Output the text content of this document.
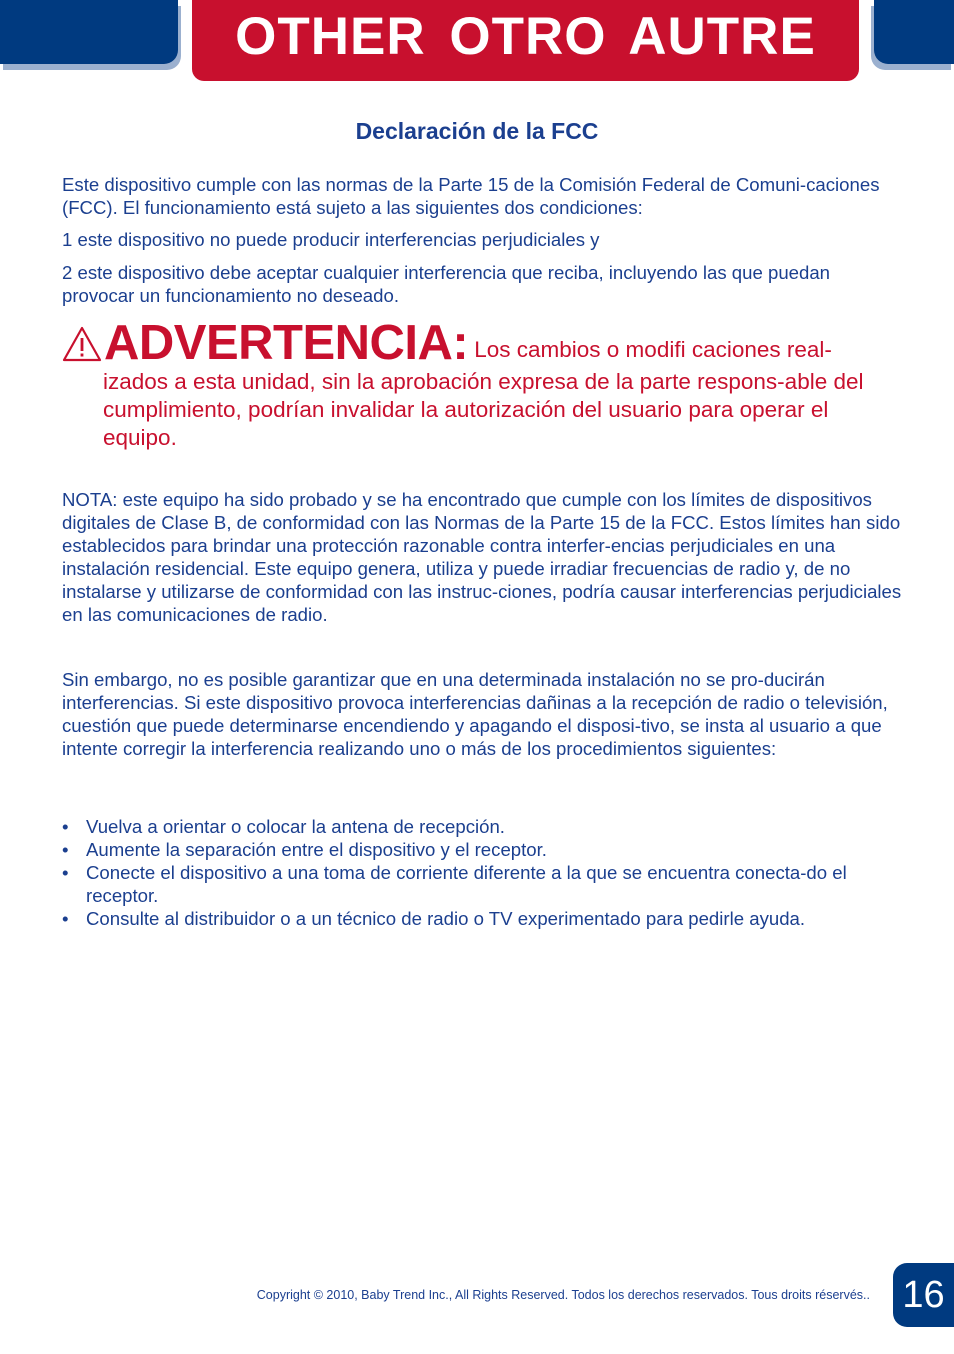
OTHER OTRO AUTRE
Declaración de la FCC

Este dispositivo cumple con las normas de la Parte 15 de la Comisión Federal de Comuni-caciones (FCC). El funcionamiento está sujeto a las siguientes dos condiciones:

1 este dispositivo no puede producir interferencias perjudiciales y

2 este dispositivo debe aceptar cualquier interferencia que reciba, incluyendo las que puedan provocar un funcionamiento no deseado.

ADVERTENCIA: Los cambios o modifi caciones real-
izados a esta unidad, sin la aprobación expresa de la parte respons-able del cumplimiento, podrían invalidar la autorización del usuario para operar el equipo.

NOTA: este equipo ha sido probado y se ha encontrado que cumple con los límites de dispositivos digitales de Clase B, de conformidad con las Normas de la Parte 15 de la FCC. Estos límites han sido establecidos para brindar una protección razonable contra interfer-encias perjudiciales en una instalación residencial. Este equipo genera, utiliza y puede irradiar frecuencias de radio y, de no instalarse y utilizarse de conformidad con las instruc-ciones, podría causar interferencias perjudiciales en las comunicaciones de radio.

Sin embargo, no es posible garantizar que en una determinada instalación no se pro-ducirán interferencias. Si este dispositivo provoca interferencias dañinas a la recepción de radio o televisión, cuestión que puede determinarse encendiendo y apagando el disposi-tivo, se insta al usuario a que intente corregir la interferencia realizando uno o más de los procedimientos siguientes:

• Vuelva a orientar o colocar la antena de recepción.
• Aumente la separación entre el dispositivo y el receptor.
• Conecte el dispositivo a una toma de corriente diferente a la que se encuentra conecta-do el receptor.
• Consulte al distribuidor o a un técnico de radio o TV experimentado para pedirle ayuda.
Copyright © 2010, Baby Trend Inc., All Rights Reserved. Todos los derechos reservados. Tous droits réservés.. 16
